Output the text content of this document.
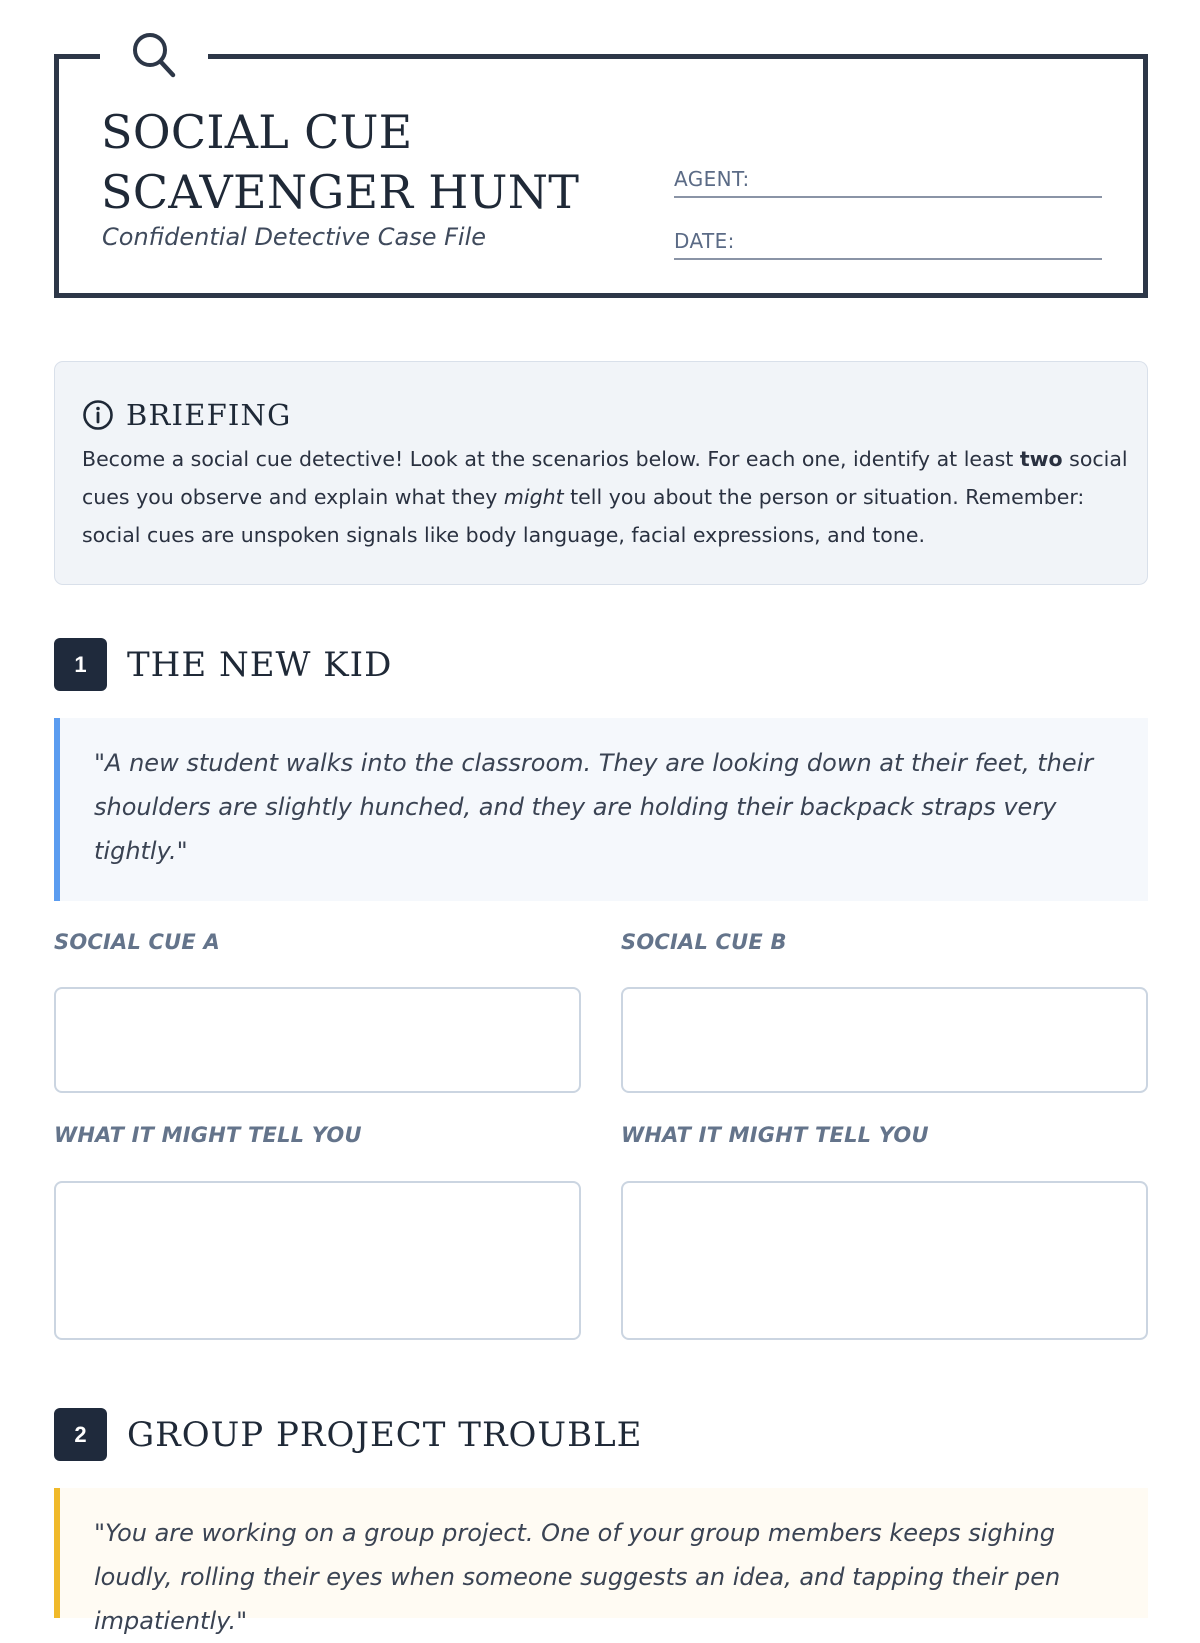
SOCIAL CUE
SCAVENGER HUNT

Confidential Detective Case File

AGENT:
DATE:
BRIEFING

Become a social cue detective! Look at the scenarios below. For each one, identify at least two social cues you observe and explain what they might tell you about the person or situation. Remember: social cues are unspoken signals like body language, facial expressions, and tone.

1	THE NEW KID
"A new student walks into the classroom. They are looking down at their feet, their shoulders are slightly hunched, and they are holding their backpack straps very tightly."
SOCIAL CUE A	SOCIAL CUE B
WHAT IT MIGHT TELL YOU	WHAT IT MIGHT TELL YOU
2	GROUP PROJECT TROUBLE
"You are working on a group project. One of your group members keeps sighing loudly, rolling their eyes when someone suggests an idea, and tapping their pen impatiently."
